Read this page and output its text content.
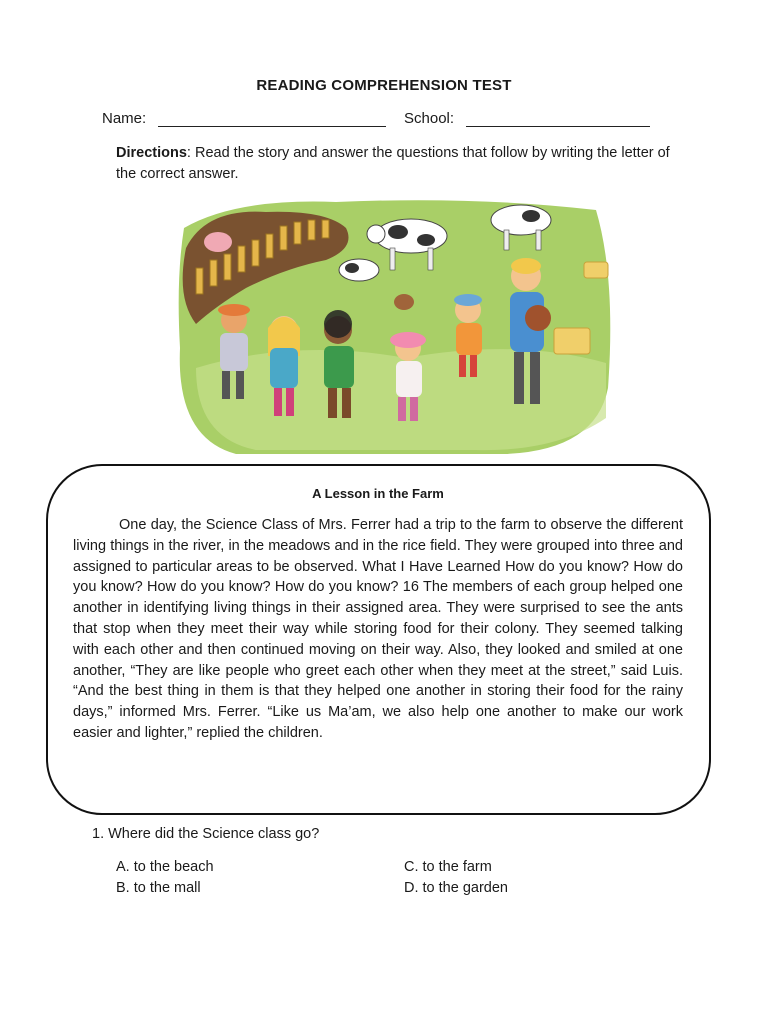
READING COMPREHENSION TEST
Name:	School:
Directions: Read the story and answer the questions that follow by writing the letter of the correct answer.
A Lesson in the Farm
One day, the Science Class of Mrs. Ferrer had a trip to the farm to observe the different living things in the river, in the meadows and in the rice field. They were grouped into three and assigned to particular areas to be observed. What I Have Learned How do you know? How do you know? How do you know? How do you know? 16 The members of each group helped one another in identifying living things in their assigned area. They were surprised to see the ants that stop when they meet their way while storing food for their colony. They seemed talking with each other and then continued moving on their way. Also, they looked and smiled at one another, “They are like people who greet each other when they meet at the street,” said Luis. “And the best thing in them is that they helped one another in storing their food for the rainy days,” informed Mrs. Ferrer. “Like us Ma’am, we also help one another to make our work easier and lighter,” replied the children.
1. Where did the Science class go?
A. to the beach
B. to the mall
C. to the farm
D. to the garden
